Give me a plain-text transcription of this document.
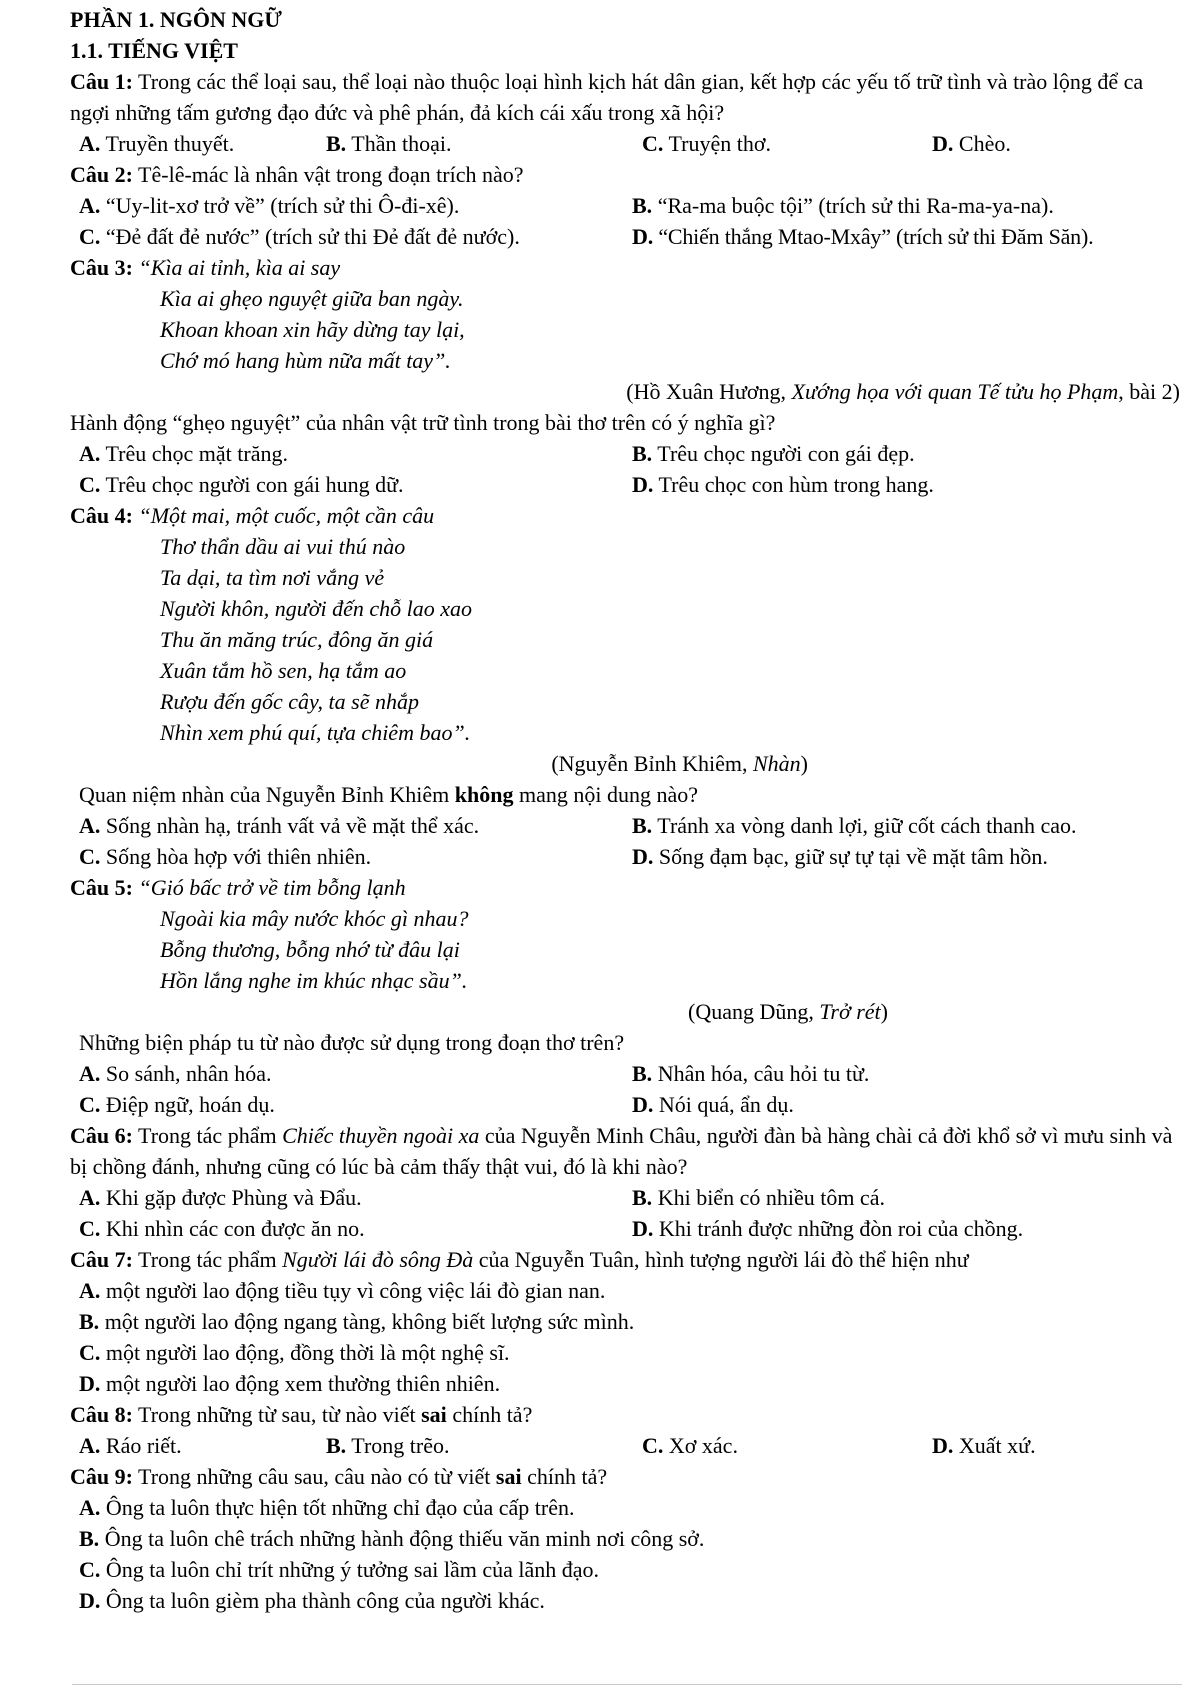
PHẦN 1. NGÔN NGỮ
1.1. TIẾNG VIỆT

Câu 1: Trong các thể loại sau, thể loại nào thuộc loại hình kịch hát dân gian, kết hợp các yếu tố trữ tình và trào lộng để ca ngợi những tấm gương đạo đức và phê phán, đả kích cái xấu trong xã hội?

A. Truyền thuyết.	B. Thần thoại.	C. Truyện thơ.	D. Chèo.

Câu 2: Tê-lê-mác là nhân vật trong đoạn trích nào?

A. “Uy-lit-xơ trở về” (trích sử thi Ô-đi-xê).	B. “Ra-ma buộc tội” (trích sử thi Ra-ma-ya-na).
C. “Đẻ đất đẻ nước” (trích sử thi Đẻ đất đẻ nước).	D. “Chiến thắng Mtao-Mxây” (trích sử thi Đăm Săn).
Câu 3: “Kìa ai tỉnh, kìa ai say
Kìa ai ghẹo nguyệt giữa ban ngày.
Khoan khoan xin hãy dừng tay lại,
Chớ mó hang hùm nữa mất tay”.
(Hồ Xuân Hương, Xướng họa với quan Tế tửu họ Phạm, bài 2)
Hành động “ghẹo nguyệt” của nhân vật trữ tình trong bài thơ trên có ý nghĩa gì?
A. Trêu chọc mặt trăng.	B. Trêu chọc người con gái đẹp.
C. Trêu chọc người con gái hung dữ.	D. Trêu chọc con hùm trong hang.
Câu 4: “Một mai, một cuốc, một cần câu
Thơ thẩn dầu ai vui thú nào
Ta dại, ta tìm nơi vắng vẻ
Người khôn, người đến chỗ lao xao
Thu ăn măng trúc, đông ăn giá
Xuân tắm hồ sen, hạ tắm ao
Rượu đến gốc cây, ta sẽ nhắp
Nhìn xem phú quí, tựa chiêm bao”.
(Nguyễn Bỉnh Khiêm, Nhàn)
Quan niệm nhàn của Nguyễn Bỉnh Khiêm không mang nội dung nào?
A. Sống nhàn hạ, tránh vất vả về mặt thể xác.	B. Tránh xa vòng danh lợi, giữ cốt cách thanh cao.
C. Sống hòa hợp với thiên nhiên.	D. Sống đạm bạc, giữ sự tự tại về mặt tâm hồn.
Câu 5: “Gió bấc trở về tim bỗng lạnh
Ngoài kia mây nước khóc gì nhau?
Bỗng thương, bỗng nhớ từ đâu lại
Hồn lắng nghe im khúc nhạc sầu”.
(Quang Dũng, Trở rét)
Những biện pháp tu từ nào được sử dụng trong đoạn thơ trên?
A. So sánh, nhân hóa.	B. Nhân hóa, câu hỏi tu từ.
C. Điệp ngữ, hoán dụ.	D. Nói quá, ẩn dụ.

Câu 6: Trong tác phẩm Chiếc thuyền ngoài xa của Nguyễn Minh Châu, người đàn bà hàng chài cả đời khổ sở vì mưu sinh và bị chồng đánh, nhưng cũng có lúc bà cảm thấy thật vui, đó là khi nào?

A. Khi gặp được Phùng và Đẩu.	B. Khi biển có nhiều tôm cá.
C. Khi nhìn các con được ăn no.	D. Khi tránh được những đòn roi của chồng.

Câu 7: Trong tác phẩm Người lái đò sông Đà của Nguyễn Tuân, hình tượng người lái đò thể hiện như

A. một người lao động tiều tụy vì công việc lái đò gian nan.
B. một người lao động ngang tàng, không biết lượng sức mình.
C. một người lao động, đồng thời là một nghệ sĩ.
D. một người lao động xem thường thiên nhiên.

Câu 8: Trong những từ sau, từ nào viết sai chính tả?

A. Ráo riết.	B. Trong trẽo.	C. Xơ xác.	D. Xuất xứ.

Câu 9: Trong những câu sau, câu nào có từ viết sai chính tả?

A. Ông ta luôn thực hiện tốt những chỉ đạo của cấp trên.
B. Ông ta luôn chê trách những hành động thiếu văn minh nơi công sở.
C. Ông ta luôn chỉ trít những ý tưởng sai lầm của lãnh đạo.
D. Ông ta luôn gièm pha thành công của người khác.
